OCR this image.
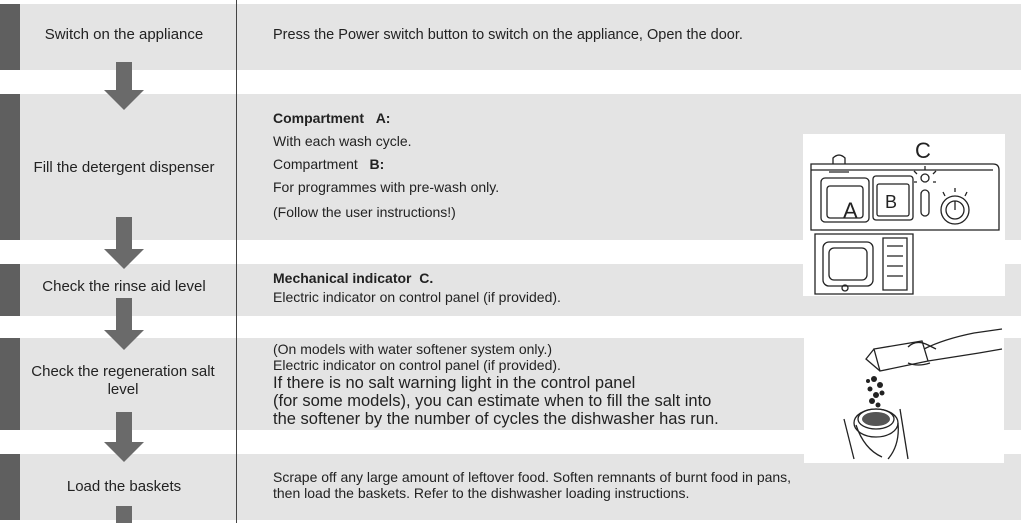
Switch on the appliance
Fill the detergent dispenser
Check the rinse aid level
Check the regeneration salt level
Load the baskets
Press the Power switch button to switch on the appliance, Open the door.
Compartment A:
With each wash cycle.
Compartment B:
For programmes with pre-wash only.
(Follow the user instructions!)
Mechanical indicator C.
Electric indicator on control panel (if provided).
(On models with water softener system only.)
Electric indicator on control panel (if provided).
If there is no salt warning light in the control panel
(for some models), you can estimate when to fill the salt into
the softener by the number of cycles the dishwasher has run.
Scrape off any large amount of leftover food. Soften remnants of burnt food in pans,
then load the baskets. Refer to the dishwasher loading instructions.
A B
C
